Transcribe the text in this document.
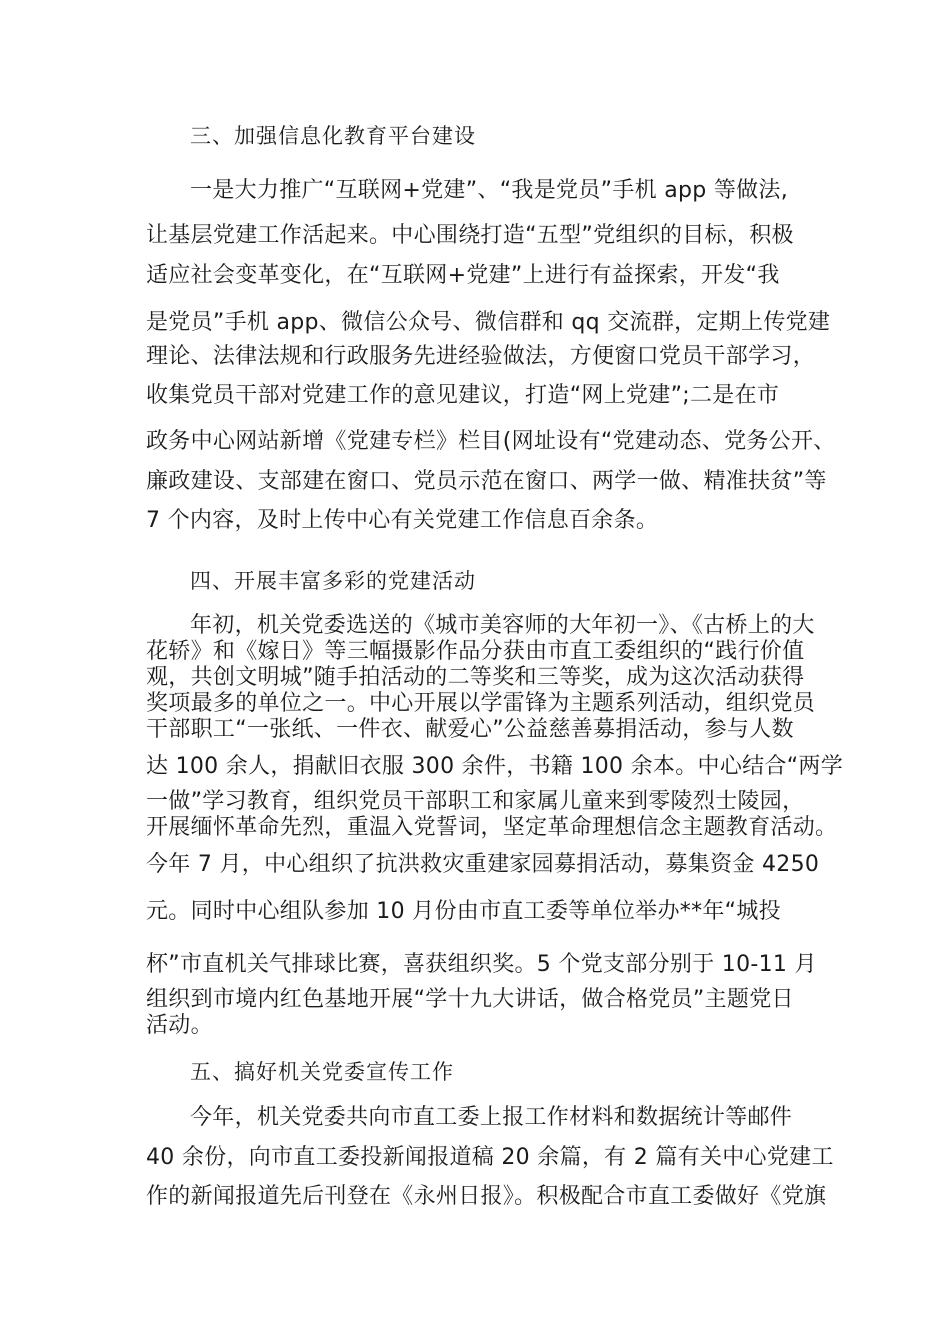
三、加强信息化教育平台建设
一是大力推广“互联网+党建”、“我是党员”手机 app 等做法,
让基层党建工作活起来。中心围绕打造“五型”党组织的目标，积极
适应社会变革变化，在“互联网+党建”上进行有益探索，开发“我
是党员”手机 app、微信公众号、微信群和 qq 交流群，定期上传党建
理论、法律法规和行政服务先进经验做法，方便窗口党员干部学习，
收集党员干部对党建工作的意见建议，打造“网上党建”;二是在市
政务中心网站新增《党建专栏》栏目(网址设有“党建动态、党务公开、
廉政建设、支部建在窗口、党员示范在窗口、两学一做、精准扶贫”等
7 个内容，及时上传中心有关党建工作信息百余条。
四、开展丰富多彩的党建活动
年初，机关党委选送的《城市美容师的大年初一》、《古桥上的大
花轿》和《嫁日》等三幅摄影作品分获由市直工委组织的“践行价值
观，共创文明城”随手拍活动的二等奖和三等奖，成为这次活动获得
奖项最多的单位之一。中心开展以学雷锋为主题系列活动，组织党员
干部职工“一张纸、一件衣、献爱心”公益慈善募捐活动，参与人数
达 100 余人，捐献旧衣服 300 余件，书籍 100 余本。中心结合“两学
一做”学习教育，组织党员干部职工和家属儿童来到零陵烈士陵园，
开展缅怀革命先烈，重温入党誓词，坚定革命理想信念主题教育活动。
今年 7 月，中心组织了抗洪救灾重建家园募捐活动，募集资金 4250
元。同时中心组队参加 10 月份由市直工委等单位举办**年“城投
杯”市直机关气排球比赛，喜获组织奖。5 个党支部分别于 10-11 月
组织到市境内红色基地开展“学十九大讲话，做合格党员”主题党日
活动。
五、搞好机关党委宣传工作
今年，机关党委共向市直工委上报工作材料和数据统计等邮件
40 余份，向市直工委投新闻报道稿 20 余篇，有 2 篇有关中心党建工
作的新闻报道先后刊登在《永州日报》。积极配合市直工委做好《党旗
